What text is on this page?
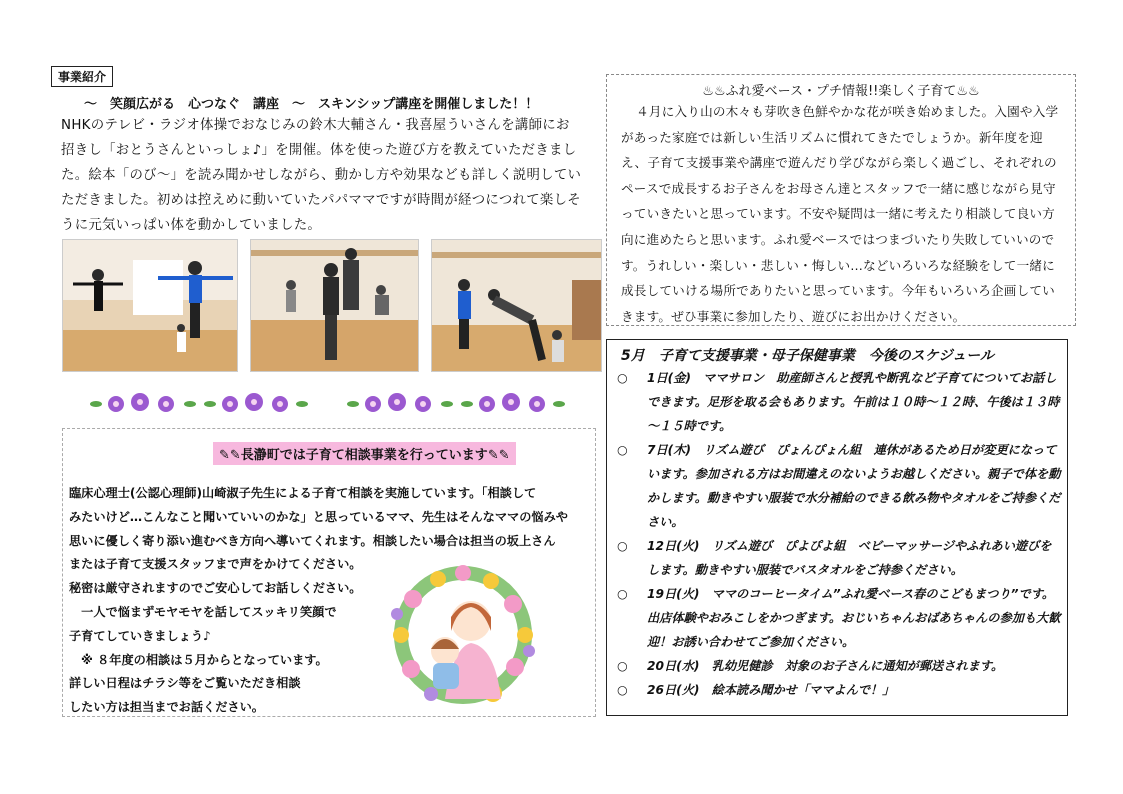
事業紹介
～　笑顔広がる　心つなぐ　講座　～　スキンシップ講座を開催しました！！
NHKのテレビ・ラジオ体操でおなじみの鈴木大輔さん・我喜屋ういさんを講師にお招きし「おとうさんといっしょ♪」を開催。体を使った遊び方を教えていただきました。絵本「のび～」を読み聞かせしながら、動かし方や効果なども詳しく説明していただきました。初めは控えめに動いていたパパママですが時間が経つにつれて楽しそうに元気いっぱい体を動かしていました。
✎✎長瀞町では子育て相談事業を行っています✎✎

臨床心理士(公認心理師)山崎淑子先生による子育て相談を実施しています。「相談して

みたいけど…こんなこと聞いていいのかな」と思っているママ、先生はそんなママの悩みや

思いに優しく寄り添い進むべき方向へ導いてくれます。相談したい場合は担当の坂上さん

または子育て支援スタッフまで声をかけてください。

秘密は厳守されますのでご安心してお話しください。

　一人で悩まずモヤモヤを話してスッキリ笑顔で

子育てしていきましょう♪

※ ８年度の相談は５月からとなっています。

詳しい日程はチラシ等をご覧いただき相談

したい方は担当までお話ください。

♨♨ふれ愛ベース・プチ情報!!楽しく子育て♨♨
４月に入り山の木々も芽吹き色鮮やかな花が咲き始めました。入園や入学があった家庭では新しい生活リズムに慣れてきたでしょうか。新年度を迎え、子育て支援事業や講座で遊んだり学びながら楽しく過ごし、それぞれのペースで成長するお子さんをお母さん達とスタッフで一緒に感じながら見守っていきたいと思っています。不安や疑問は一緒に考えたり相談して良い方向に進めたらと思います。ふれ愛ベースではつまづいたり失敗していいのです。うれしい・楽しい・悲しい・悔しい…などいろいろな経験をして一緒に成長していける場所でありたいと思っています。今年もいろいろ企画していきます。ぜひ事業に参加したり、遊びにお出かけください。
5月　子育て支援事業・母子保健事業　今後のスケジュール
○	1日(金)　ママサロン　助産師さんと授乳や断乳など子育てについてお話しできます。足形を取る会もあります。午前は１０時～１２時、午後は１３時～１５時です。
○	7日(木)　リズム遊び　ぴょんぴょん組　連休があるため日が変更になっています。参加される方はお間違えのないようお越しください。親子で体を動かします。動きやすい服装で水分補給のできる飲み物やタオルをご持参ください。
○	12日(火)　リズム遊び　ぴよぴよ組　ベビーマッサージやふれあい遊びをします。動きやすい服装でバスタオルをご持参ください。
○	19日(火)　ママのコーヒータイム”ふれ愛ベース春のこどもまつり”です。出店体験やおみこしをかつぎます。おじいちゃんおばあちゃんの参加も大歓迎！お誘い合わせてご参加ください。
○	20日(水)　乳幼児健診　対象のお子さんに通知が郵送されます。
○	26日(火)　絵本読み聞かせ「ママよんで！」
